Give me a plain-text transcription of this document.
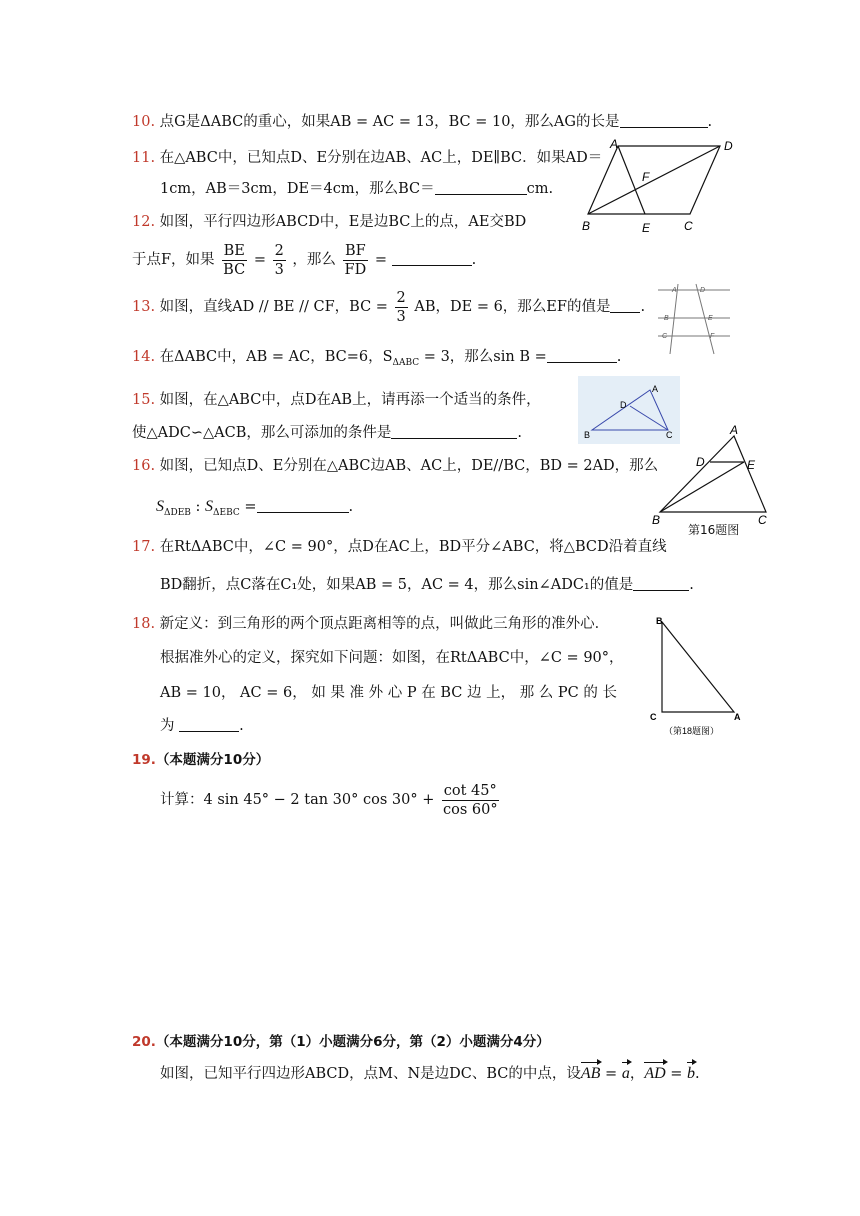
10. 点G是ΔABC的重心，如果AB = AC = 13，BC = 10，那么AG的长是	.
11. 在△ABC中，已知点D、E分别在边AB、AC上，DE∥BC．如果AD＝
1cm，AB＝3cm，DE＝4cm，那么BC＝	cm.
A	D
F
B	E	C
12. 如图，平行四边形ABCD中，E是边BC上的点，AE交BD
于点F，如果 $\frac{BE}{BC} = \frac{2}{3}$ ，那么 $\frac{BF}{FD}$ =	.
A	D
B	E
C	F
13. 如图，直线AD // BE // CF，BC = $\frac{2}{3}$ AB，DE = 6，那么EF的值是 .
14. 在ΔABC中，AB = AC，BC=6，$S_{\Delta ABC} = 3$，那么sin B =	.
A
D
B	C
15. 如图，在△ABC中，点D在AB上，请再添一个适当的条件，
使△ADC∽△ACB，那么可添加的条件是	.	A
D	E
B	C
第16题图
16. 如图，已知点D、E分别在△ABC边AB、AC上，DE//BC，BD = 2AD，那么
$S_{\Delta DEB}$ : $S_{\Delta EBC}$ =	.
17. 在RtΔABC中，∠C = 90°，点D在AC上，BD平分∠ABC，将△BCD沿着直线
BD翻折，点C落在C₁处，如果AB = 5，AC = 4，那么sin∠ADC₁的值是	.
B
C	A
（第18题图）
18. 新定义：到三角形的两个顶点距离相等的点，叫做此三角形的准外心．
根据准外心的定义，探究如下问题：如图，在RtΔABC中，∠C = 90°，
AB = 10， AC = 6， 如 果 准 外 心 P 在 BC 边 上， 那 么 PC 的 长
为	.
19.（本题满分10分）
计算：4 sin 45° − 2 tan 30° $\cos 30^\circ + \frac{\cot 45^\circ}{\cos 60^\circ}$
20.（本题满分10分，第（1）小题满分6分，第（2）小题满分4分）
如图，已知平行四边形ABCD，点M、N是边DC、BC的中点，设AB = a，AD = b.
